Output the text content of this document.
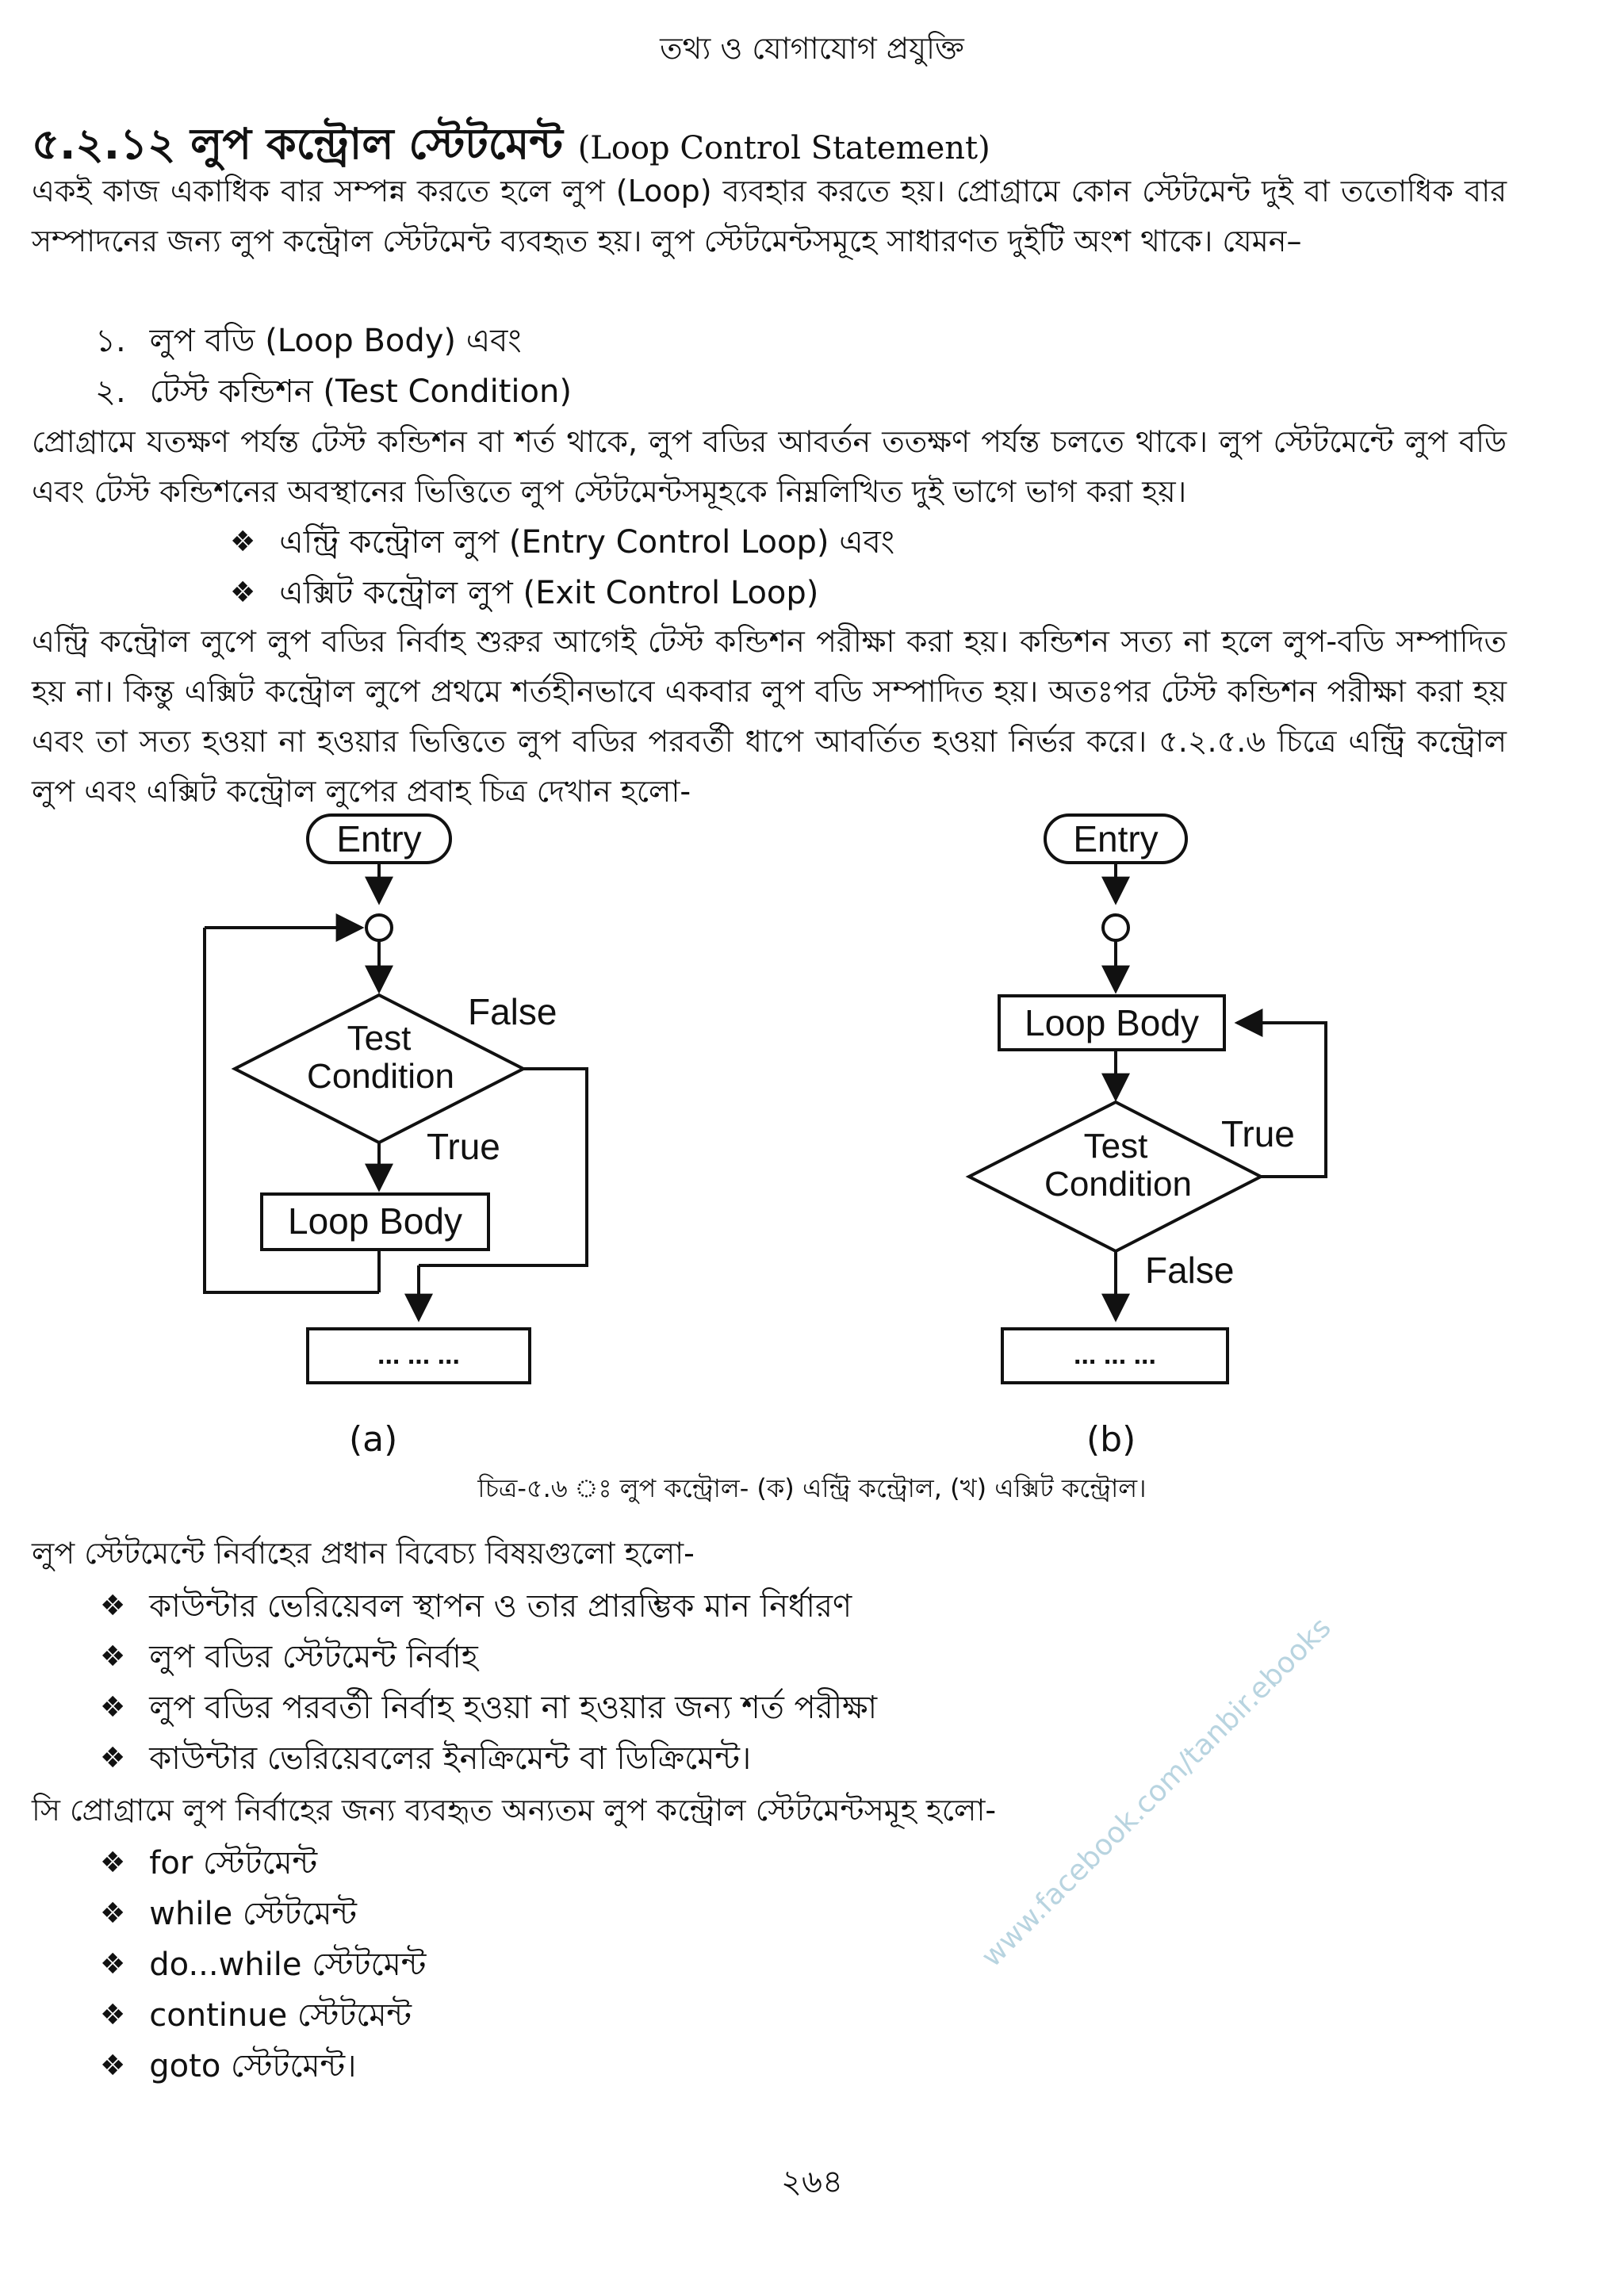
তথ্য ও যোগাযোগ প্রযুক্তি
৫.২.১২ লুপ কন্ট্রোল স্টেটমেন্ট (Loop Control Statement)
একই কাজ একাধিক বার সম্পন্ন করতে হলে লুপ (Loop) ব্যবহার করতে হয়। প্রোগ্রামে কোন স্টেটমেন্ট দুই বা ততোধিক বার সম্পাদনের জন্য লুপ কন্ট্রোল স্টেটমেন্ট ব্যবহৃত হয়। লুপ স্টেটমেন্টসমূহে সাধারণত দুইটি অংশ থাকে। যেমন–
১. লুপ বডি (Loop Body) এবং
২. টেস্ট কন্ডিশন (Test Condition)
প্রোগ্রামে যতক্ষণ পর্যন্ত টেস্ট কন্ডিশন বা শর্ত থাকে, লুপ বডির আবর্তন ততক্ষণ পর্যন্ত চলতে থাকে। লুপ স্টেটমেন্টে লুপ বডি এবং টেস্ট কন্ডিশনের অবস্থানের ভিত্তিতে লুপ স্টেটমেন্টসমূহকে নিম্নলিখিত দুই ভাগে ভাগ করা হয়।
❖ এন্ট্রি কন্ট্রোল লুপ (Entry Control Loop) এবং
❖ এক্সিট কন্ট্রোল লুপ (Exit Control Loop)
এন্ট্রি কন্ট্রোল লুপে লুপ বডির নির্বাহ শুরুর আগেই টেস্ট কন্ডিশন পরীক্ষা করা হয়। কন্ডিশন সত্য না হলে লুপ-বডি সম্পাদিত হয় না। কিন্তু এক্সিট কন্ট্রোল লুপে প্রথমে শর্তহীনভাবে একবার লুপ বডি সম্পাদিত হয়। অতঃপর টেস্ট কন্ডিশন পরীক্ষা করা হয় এবং তা সত্য হওয়া না হওয়ার ভিত্তিতে লুপ বডির পরবর্তী ধাপে আবর্তিত হওয়া নির্ভর করে। ৫.২.৫.৬ চিত্রে এন্ট্রি কন্ট্রোল লুপ এবং এক্সিট কন্ট্রোল লুপের প্রবাহ চিত্র দেখান হলো-
Entry
Test
Condition
False
True
Loop Body
... ... ...
Entry
Loop Body
Test
Condition
True
False
... ... ...
(a)	(b)
চিত্র-৫.৬ ঃ লুপ কন্ট্রোল- (ক) এন্ট্রি কন্ট্রোল, (খ) এক্সিট কন্ট্রোল।
লুপ স্টেটমেন্টে নির্বাহের প্রধান বিবেচ্য বিষয়গুলো হলো-
❖ কাউন্টার ভেরিয়েবল স্থাপন ও তার প্রারম্ভিক মান নির্ধারণ
❖ লুপ বডির স্টেটমেন্ট নির্বাহ
❖ লুপ বডির পরবর্তী নির্বাহ হওয়া না হওয়ার জন্য শর্ত পরীক্ষা
❖ কাউন্টার ভেরিয়েবলের ইনক্রিমেন্ট বা ডিক্রিমেন্ট।
সি প্রোগ্রামে লুপ নির্বাহের জন্য ব্যবহৃত অন্যতম লুপ কন্ট্রোল স্টেটমেন্টসমূহ হলো-
❖ for স্টেটমেন্ট
❖ while স্টেটমেন্ট
❖ do...while স্টেটমেন্ট
❖ continue স্টেটমেন্ট
❖ goto স্টেটমেন্ট।
www.facebook.com/tanbir.ebooks
২৬৪
